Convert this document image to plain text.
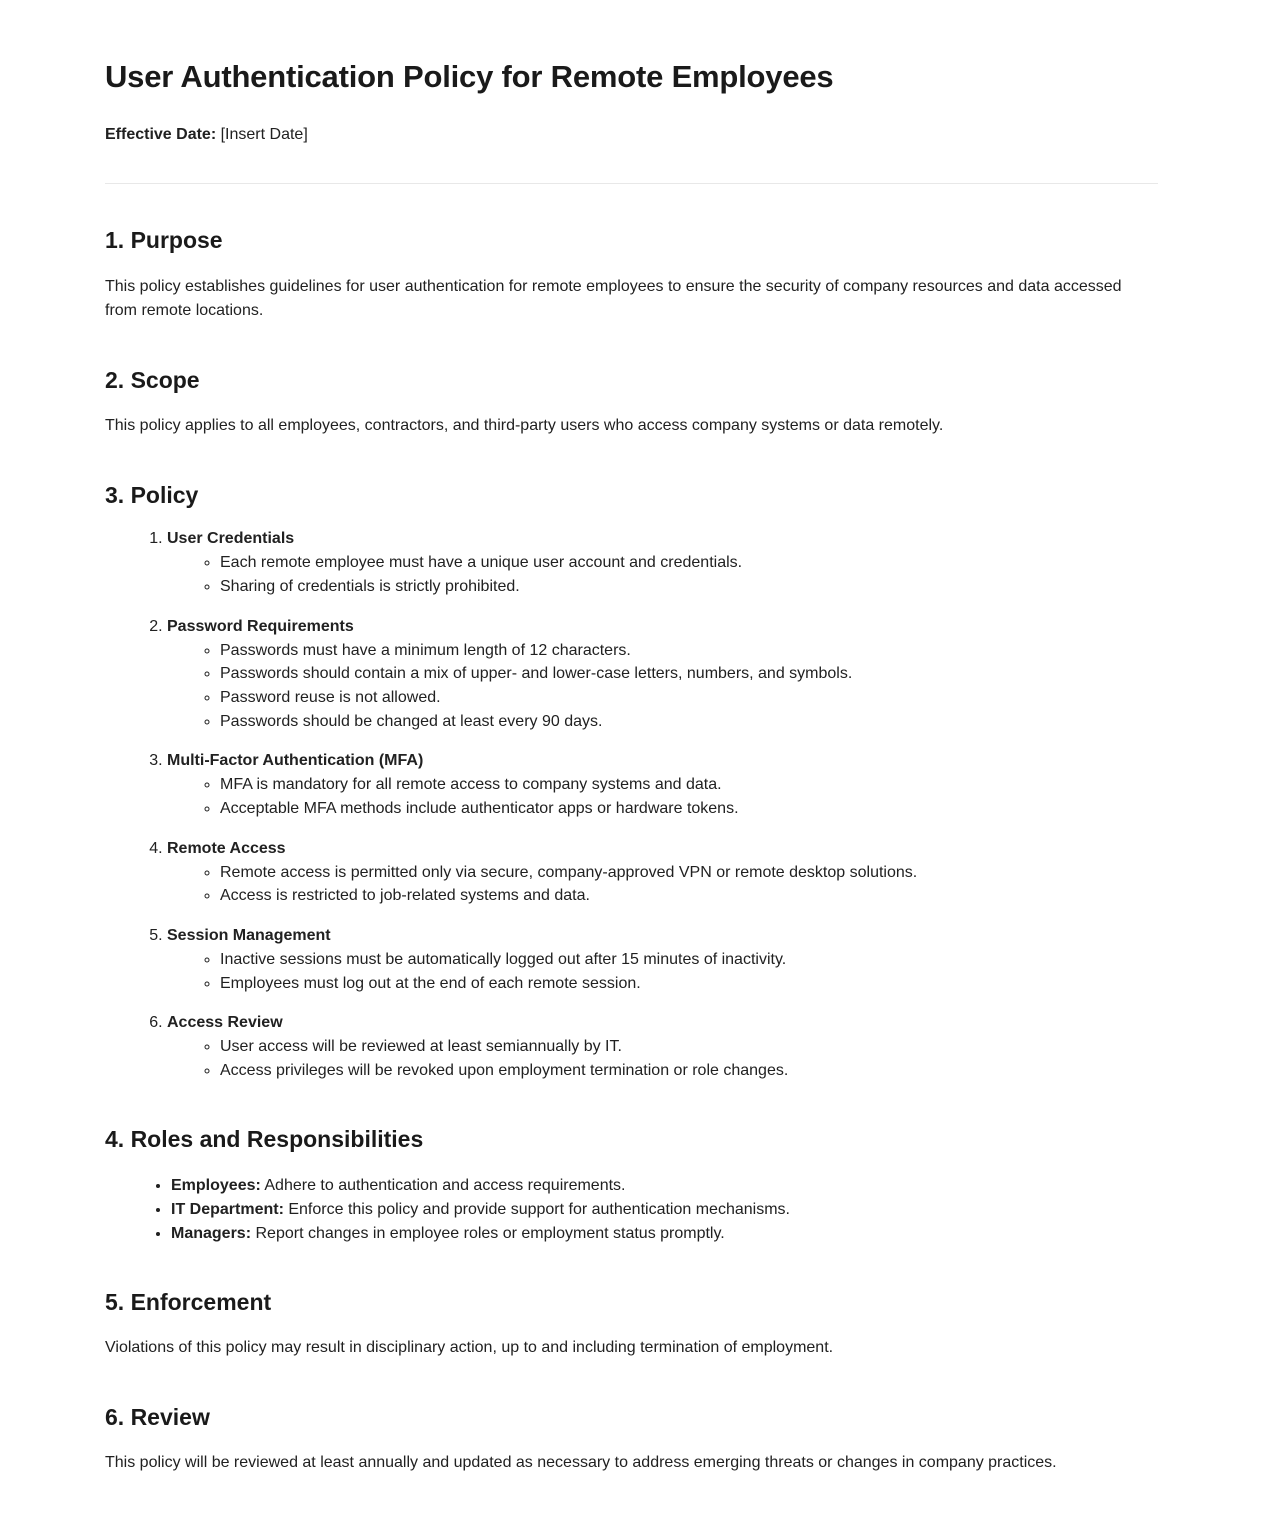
User Authentication Policy for Remote Employees

Effective Date: [Insert Date]

1. Purpose

This policy establishes guidelines for user authentication for remote employees to ensure the security of company resources and data accessed from remote locations.

2. Scope

This policy applies to all employees, contractors, and third-party users who access company systems or data remotely.

3. Policy
1. User Credentials
◦ Each remote employee must have a unique user account and credentials.
◦ Sharing of credentials is strictly prohibited.
2. Password Requirements
◦ Passwords must have a minimum length of 12 characters.
◦ Passwords should contain a mix of upper- and lower-case letters, numbers, and symbols.
◦ Password reuse is not allowed.
◦ Passwords should be changed at least every 90 days.
3. Multi-Factor Authentication (MFA)
◦ MFA is mandatory for all remote access to company systems and data.
◦ Acceptable MFA methods include authenticator apps or hardware tokens.
4. Remote Access
◦ Remote access is permitted only via secure, company-approved VPN or remote desktop solutions.
◦ Access is restricted to job-related systems and data.
5. Session Management
◦ Inactive sessions must be automatically logged out after 15 minutes of inactivity.
◦ Employees must log out at the end of each remote session.
6. Access Review
◦ User access will be reviewed at least semiannually by IT.
◦ Access privileges will be revoked upon employment termination or role changes.
4. Roles and Responsibilities
• Employees: Adhere to authentication and access requirements.
• IT Department: Enforce this policy and provide support for authentication mechanisms.
• Managers: Report changes in employee roles or employment status promptly.
5. Enforcement

Violations of this policy may result in disciplinary action, up to and including termination of employment.

6. Review

This policy will be reviewed at least annually and updated as necessary to address emerging threats or changes in company practices.
